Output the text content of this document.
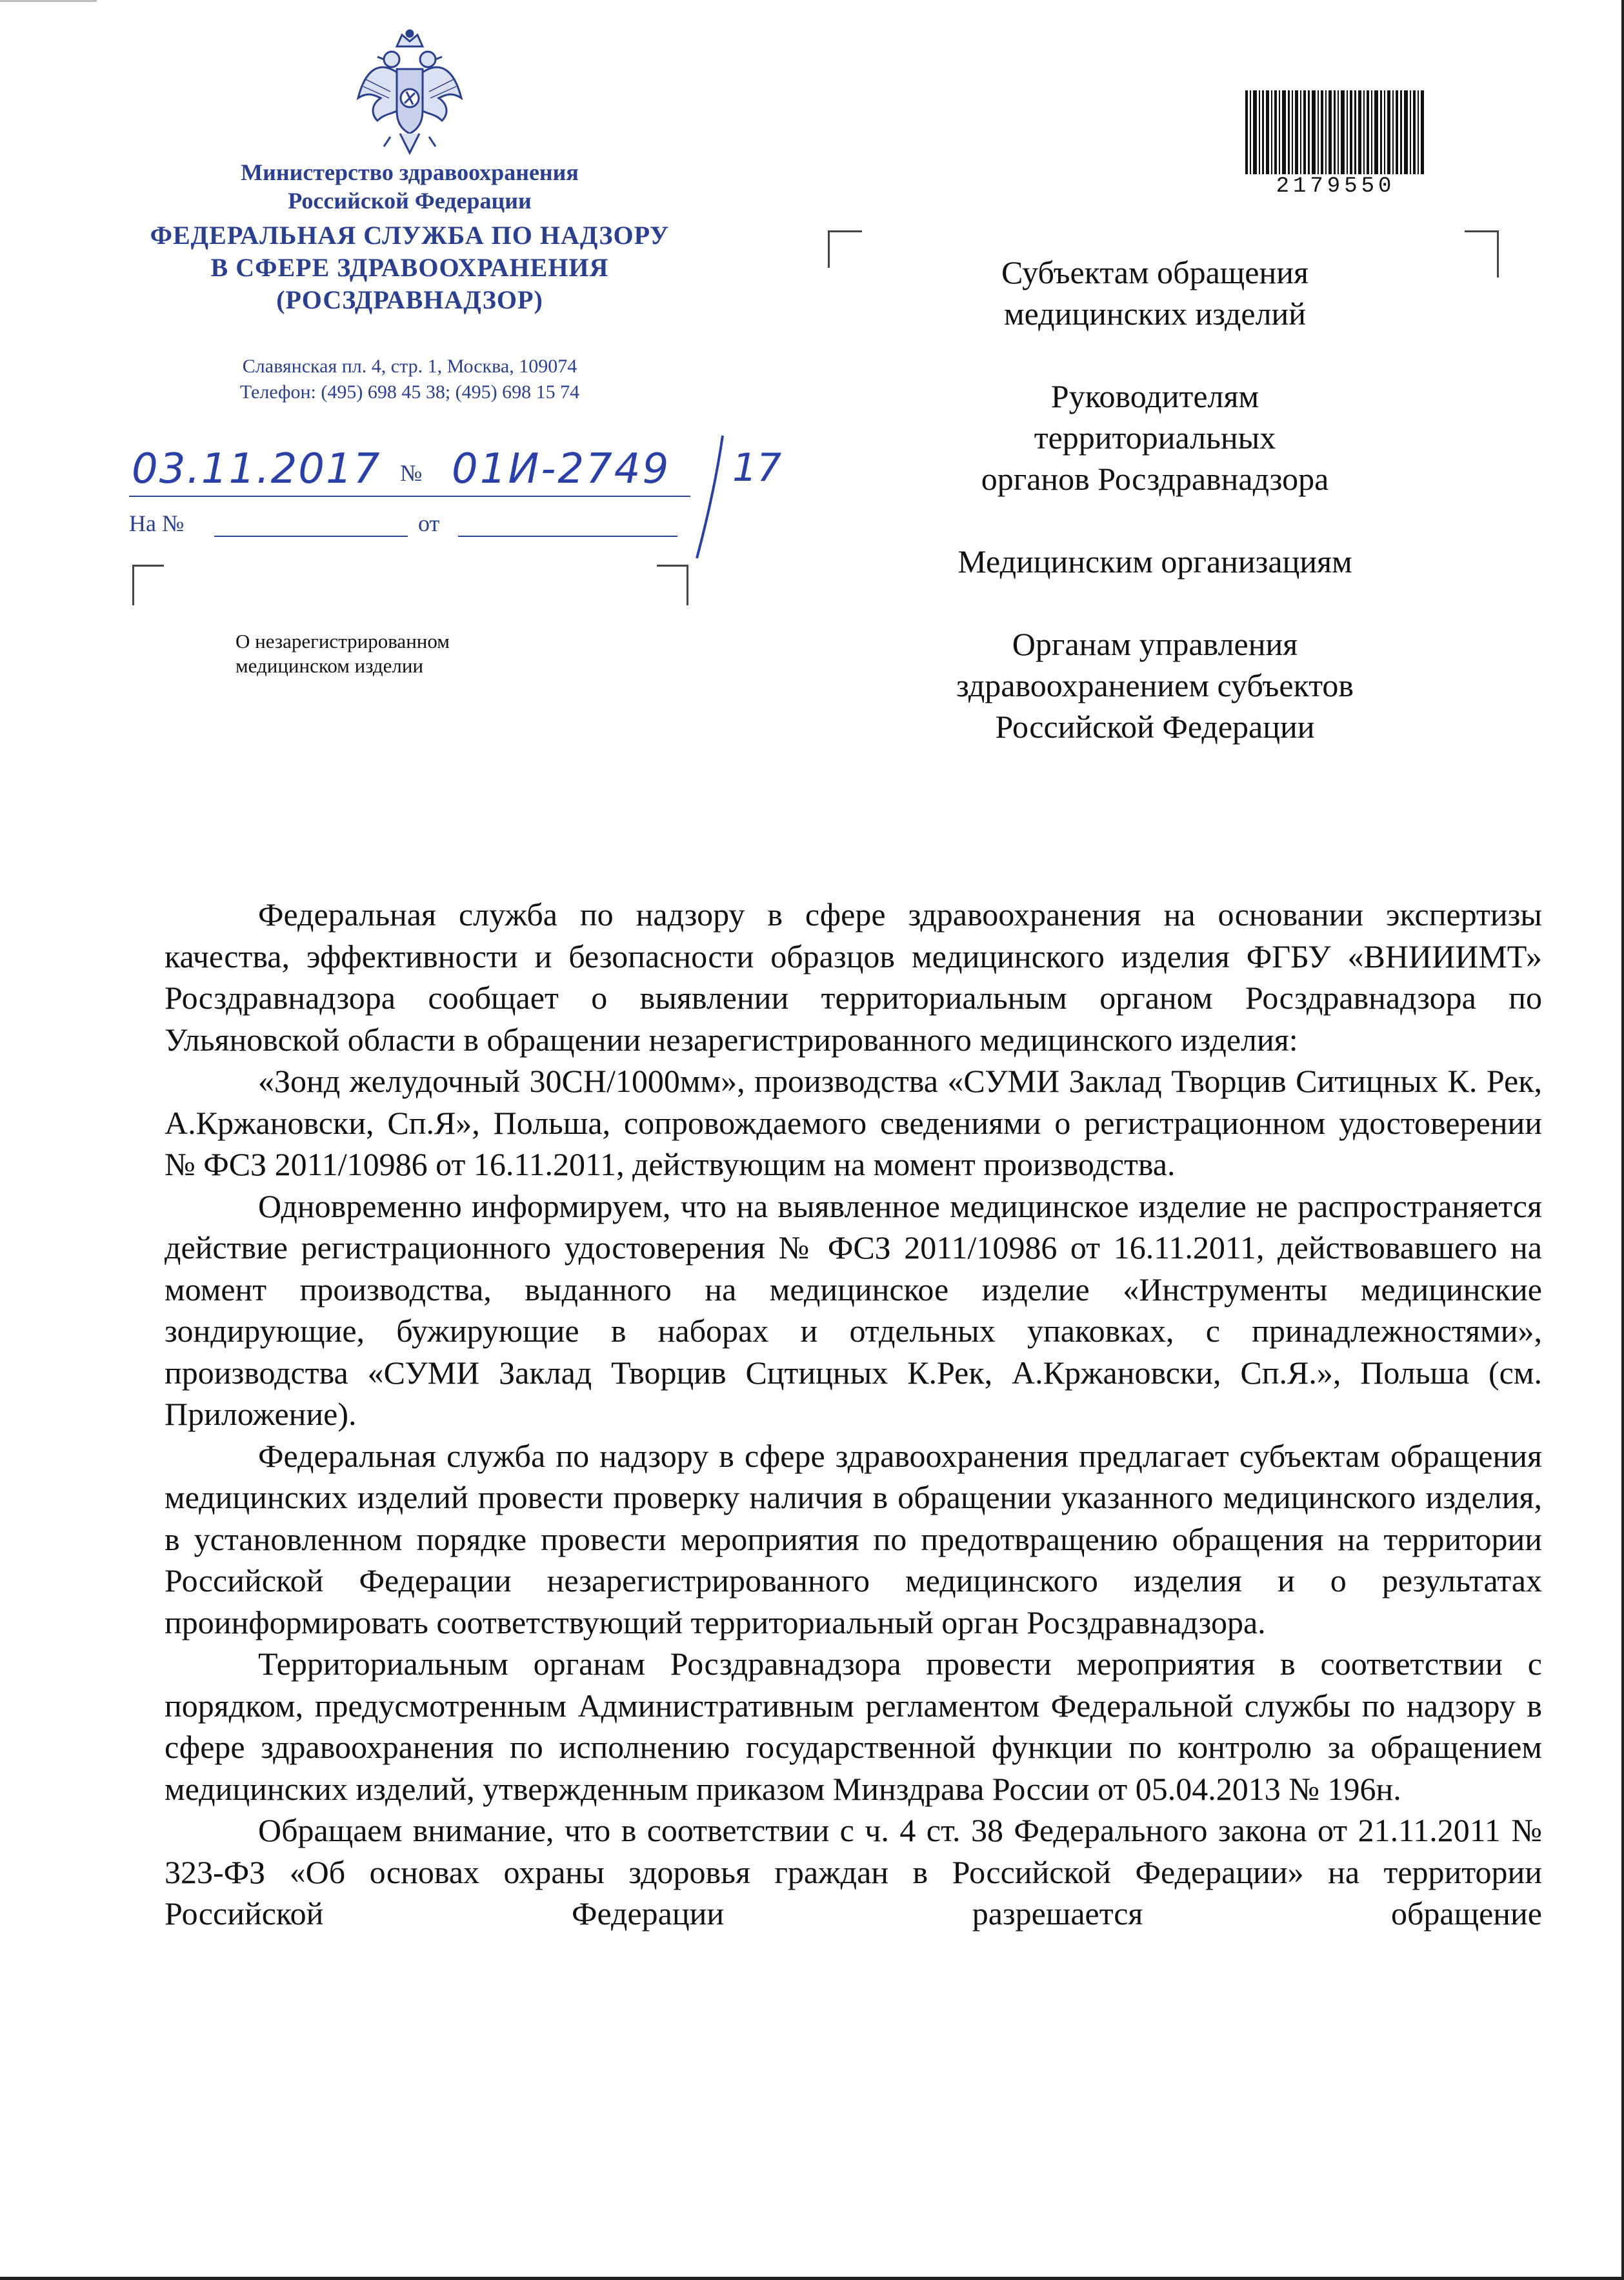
Министерство здравоохранения
Российской Федерации
ФЕДЕРАЛЬНАЯ СЛУЖБА ПО НАДЗОРУ
В СФЕРЕ ЗДРАВООХРАНЕНИЯ
(РОСЗДРАВНАДЗОР)
Славянская пл. 4, стр. 1, Москва, 109074
Телефон: (495) 698 45 38; (495) 698 15 74
03.11.2017 № 01И-2749 17
На №	от
О незарегистрированном
медицинском изделии
2179550
Субъектам обращения
медицинских изделий
Руководителям
территориальных
органов Росздравнадзора
Медицинским организациям
Органам управления
здравоохранением субъектов
Российской Федерации

Федеральная служба по надзору в сфере здравоохранения на основании экспертизы качества, эффективности и безопасности образцов медицинского изделия ФГБУ «ВНИИИМТ» Росздравнадзора сообщает о выявлении территориальным органом Росздравнадзора по Ульяновской области в обращении незарегистрированного медицинского изделия:

«Зонд желудочный 30СН/1000мм», производства «СУМИ Заклад Творцив Ситицных К. Рек, А.Кржановски, Сп.Я», Польша, сопровождаемого сведениями о регистрационном удостоверении № ФСЗ 2011/10986 от 16.11.2011, действующим на момент производства.

Одновременно информируем, что на выявленное медицинское изделие не распространяется действие регистрационного удостоверения № ФСЗ 2011/10986 от 16.11.2011, действовавшего на момент производства, выданного на медицинское изделие «Инструменты медицинские зондирующие, бужирующие в наборах и отдельных упаковках, с принадлежностями», производства «СУМИ Заклад Творцив Сцтицных К.Рек, А.Кржановски, Сп.Я.», Польша (см. Приложение).

Федеральная служба по надзору в сфере здравоохранения предлагает субъектам обращения медицинских изделий провести проверку наличия в обращении указанного медицинского изделия, в установленном порядке провести мероприятия по предотвращению обращения на территории Российской Федерации незарегистрированного медицинского изделия и о результатах проинформировать соответствующий территориальный орган Росздравнадзора.

Территориальным органам Росздравнадзора провести мероприятия в соответствии с порядком, предусмотренным Административным регламентом Федеральной службы по надзору в сфере здравоохранения по исполнению государственной функции по контролю за обращением медицинских изделий, утвержденным приказом Минздрава России от 05.04.2013 № 196н.

Обращаем внимание, что в соответствии с ч. 4 ст. 38 Федерального закона от 21.11.2011 № 323-ФЗ «Об основах охраны здоровья граждан в Российской Федерации» на территории Российской Федерации разрешается обращение
